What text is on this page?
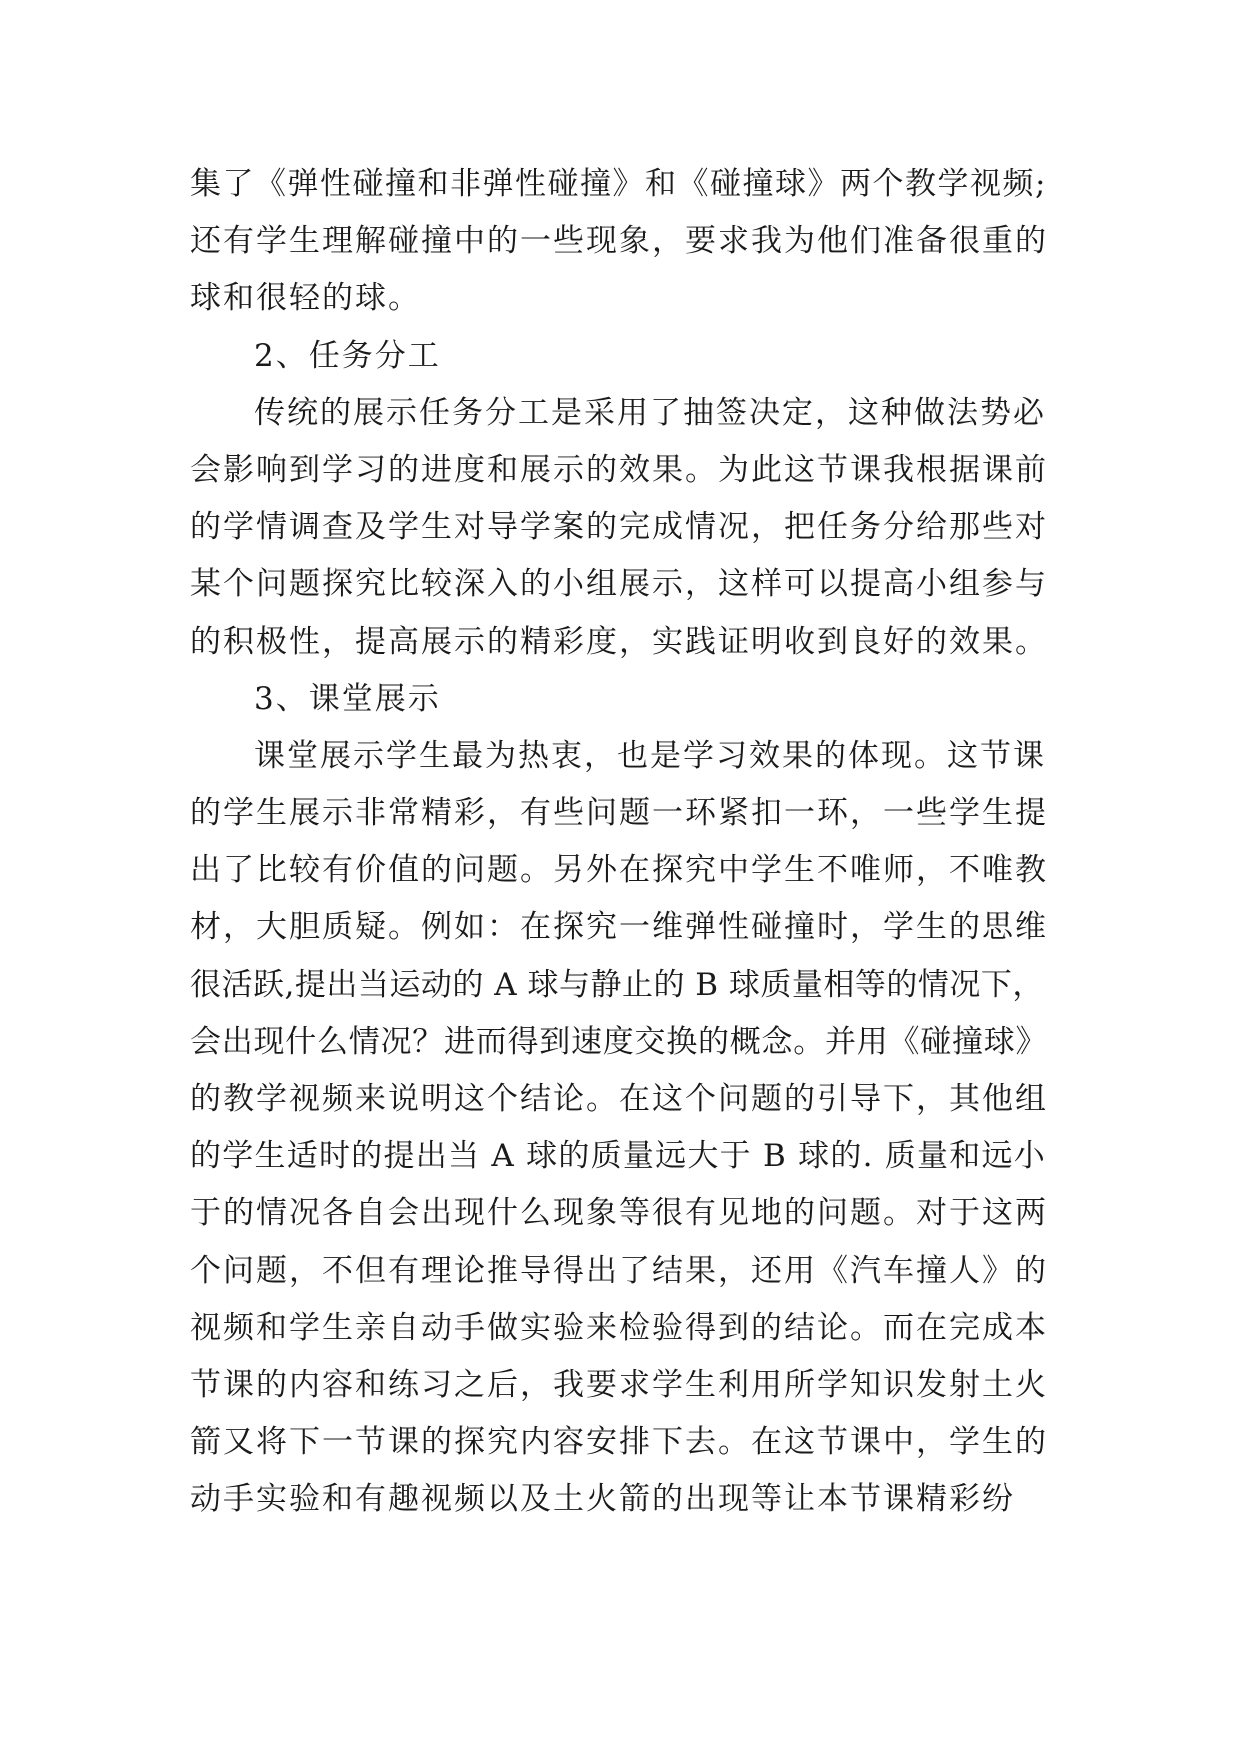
集了《弹性碰撞和非弹性碰撞》和《碰撞球》两个教学视频;
还有学生理解碰撞中的一些现象，要求我为他们准备很重的
球和很轻的球。
2、任务分工
传统的展示任务分工是采用了抽签决定，这种做法势必
会影响到学习的进度和展示的效果。为此这节课我根据课前
的学情调查及学生对导学案的完成情况，把任务分给那些对
某个问题探究比较深入的小组展示，这样可以提高小组参与
的积极性，提高展示的精彩度，实践证明收到良好的效果。
3、课堂展示
课堂展示学生最为热衷，也是学习效果的体现。这节课
的学生展示非常精彩，有些问题一环紧扣一环，一些学生提
出了比较有价值的问题。另外在探究中学生不唯师，不唯教
材，大胆质疑。例如：在探究一维弹性碰撞时，学生的思维
很活跃,提出当运动的 A 球与静止的 B 球质量相等的情况下，
会出现什么情况？进而得到速度交换的概念。并用《碰撞球》
的教学视频来说明这个结论。在这个问题的引导下，其他组
的学生适时的提出当 A 球的质量远大于 B 球的. 质量和远小
于的情况各自会出现什么现象等很有见地的问题。对于这两
个问题，不但有理论推导得出了结果，还用《汽车撞人》的
视频和学生亲自动手做实验来检验得到的结论。而在完成本
节课的内容和练习之后，我要求学生利用所学知识发射土火
箭又将下一节课的探究内容安排下去。在这节课中，学生的
动手实验和有趣视频以及土火箭的出现等让本节课精彩纷
